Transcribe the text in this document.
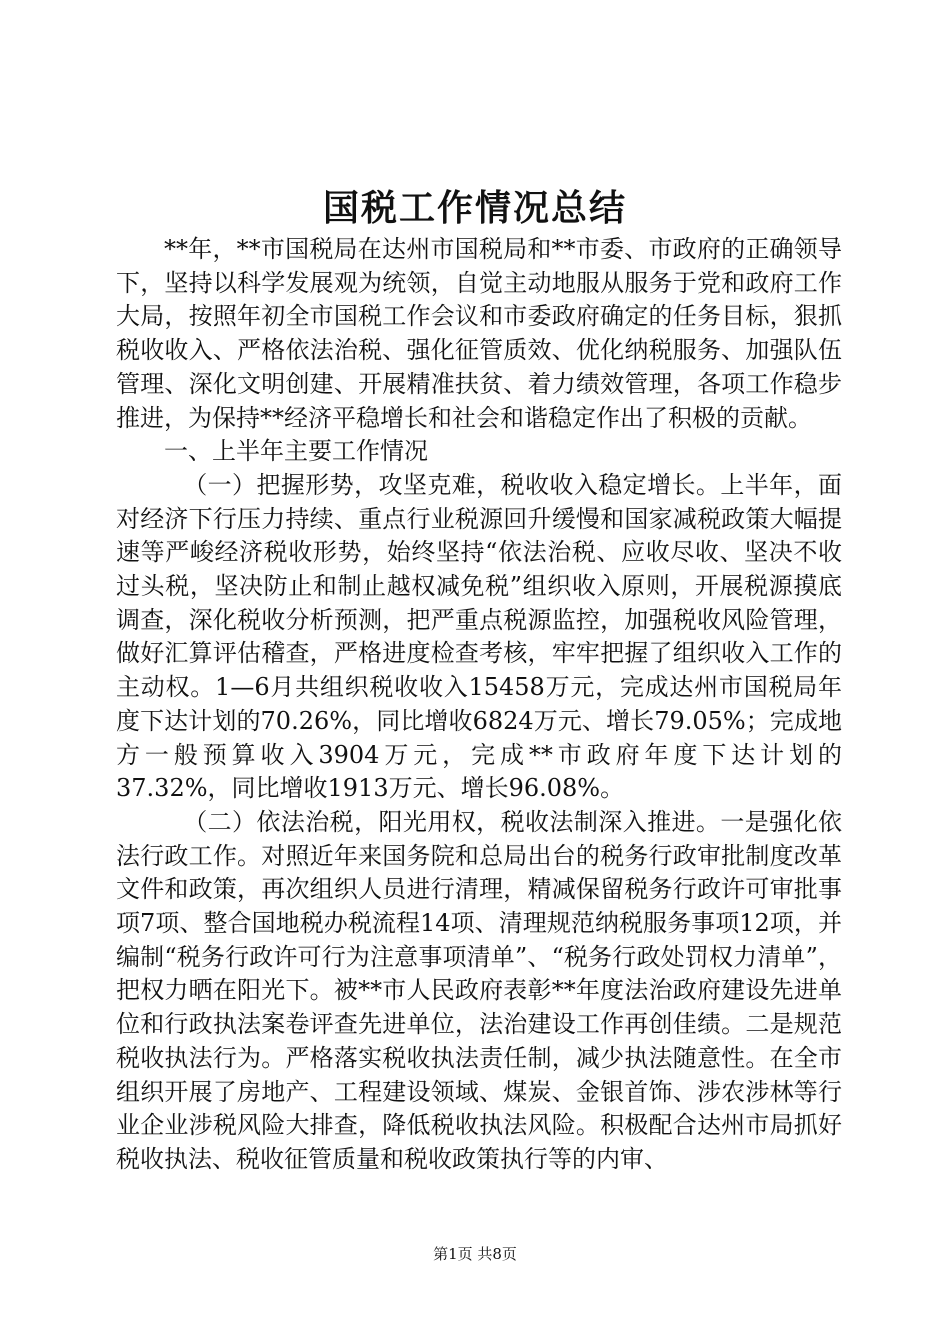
国税工作情况总结

**年，**市国税局在达州市国税局和**市委、市政府的正确领导下，坚持以科学发展观为统领，自觉主动地服从服务于党和政府工作大局，按照年初全市国税工作会议和市委政府确定的任务目标，狠抓税收收入、严格依法治税、强化征管质效、优化纳税服务、加强队伍管理、深化文明创建、开展精准扶贫、着力绩效管理，各项工作稳步推进，为保持**经济平稳增长和社会和谐稳定作出了积极的贡献。

一、上半年主要工作情况

（一）把握形势，攻坚克难，税收收入稳定增长。上半年，面对经济下行压力持续、重点行业税源回升缓慢和国家减税政策大幅提速等严峻经济税收形势，始终坚持“依法治税、应收尽收、坚决不收过头税，坚决防止和制止越权减免税”组织收入原则，开展税源摸底调查，深化税收分析预测，把严重点税源监控，加强税收风险管理，做好汇算评估稽查，严格进度检查考核，牢牢把握了组织收入工作的主动权。1—6月共组织税收收入15458万元，完成达州市国税局年度下达计划的70.26%，同比增收6824万元、增长79.05%；完成地方一般预算收入3904万元，完成**市政府年度下达计划的37.32%，同比增收1913万元、增长96.08%。

（二）依法治税，阳光用权，税收法制深入推进。一是强化依法行政工作。对照近年来国务院和总局出台的税务行政审批制度改革文件和政策，再次组织人员进行清理，精减保留税务行政许可审批事项7项、整合国地税办税流程14项、清理规范纳税服务事项12项，并编制“税务行政许可行为注意事项清单”、“税务行政处罚权力清单”，把权力晒在阳光下。被**市人民政府表彰**年度法治政府建设先进单位和行政执法案卷评查先进单位，法治建设工作再创佳绩。二是规范税收执法行为。严格落实税收执法责任制，减少执法随意性。在全市组织开展了房地产、工程建设领域、煤炭、金银首饰、涉农涉林等行业企业涉税风险大排查，降低税收执法风险。积极配合达州市局抓好税收执法、税收征管质量和税收政策执行等的内审、

第1页 共8页
